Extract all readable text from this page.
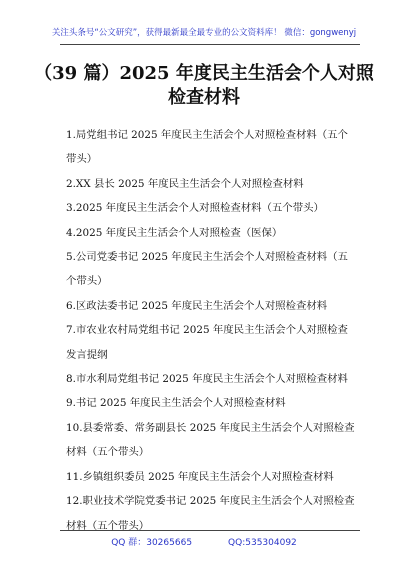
关注头条号“公文研究”，获得最新最全最专业的公文资料库！ 微信：gongwenyj
（39 篇）2025 年度民主生活会个人对照
检查材料
1.局党组书记 2025 年度民主生活会个人对照检查材料（五个带头）
2.XX 县长 2025 年度民主生活会个人对照检查材料
3.2025 年度民主生活会个人对照检查材料（五个带头）
4.2025 年度民主生活会个人对照检查（医保）
5.公司党委书记 2025 年度民主生活会个人对照检查材料（五个带头）
6.区政法委书记 2025 年度民主生活会个人对照检查材料
7.市农业农村局党组书记 2025 年度民主生活会个人对照检查发言提纲
8.市水利局党组书记 2025 年度民主生活会个人对照检查材料
9.书记 2025 年度民主生活会个人对照检查材料
10.县委常委、常务副县长 2025 年度民主生活会个人对照检查材料（五个带头）
11.乡镇组织委员 2025 年度民主生活会个人对照检查材料
12.职业技术学院党委书记 2025 年度民主生活会个人对照检查材料（五个带头）
QQ 群：30265665	QQ:535304092
